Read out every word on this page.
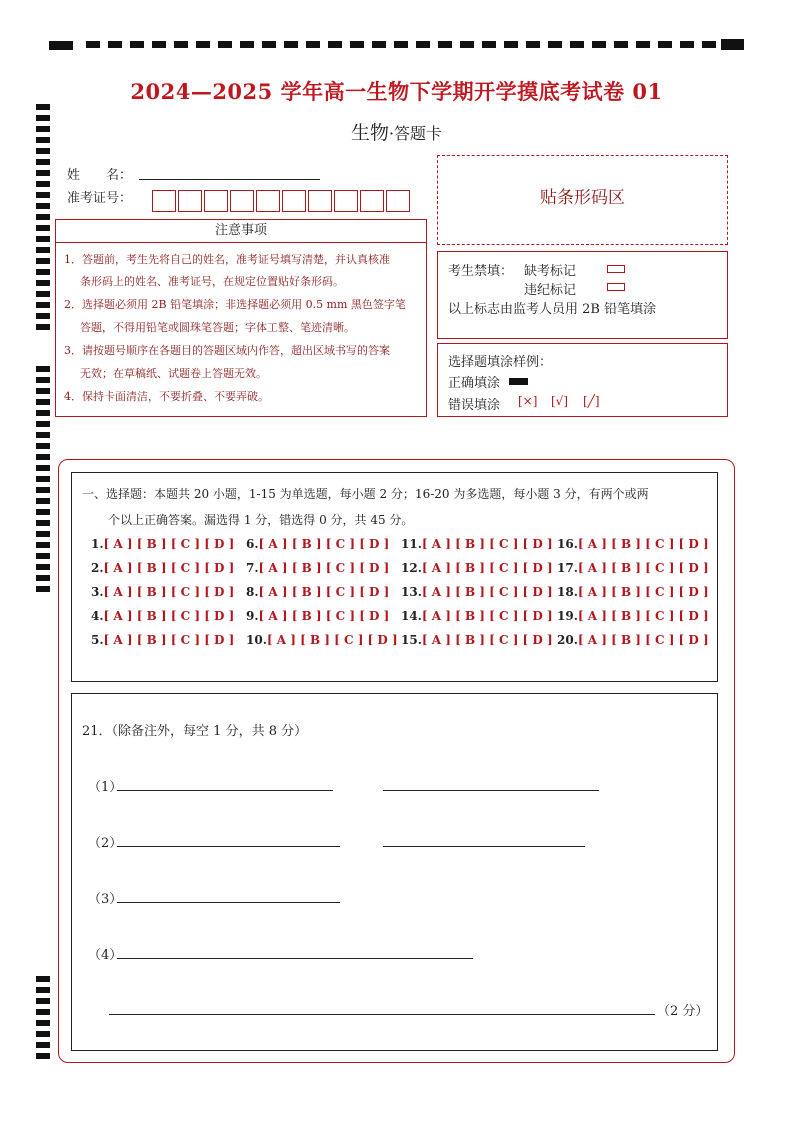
2024—2025 学年高一生物下学期开学摸底考试卷 01
生物·答题卡
姓　　名：
准考证号：
注意事项
1．答题前，考生先将自己的姓名，准考证号填写清楚，并认真核准
条形码上的姓名、准考证号，在规定位置贴好条形码。
2．选择题必须用 2B 铅笔填涂；非选择题必须用 0.5 mm 黑色签字笔
答题，不得用铅笔或圆珠笔答题；字体工整、笔迹清晰。
3．请按题号顺序在各题目的答题区域内作答，超出区域书写的答案
无效；在草稿纸、试题卷上答题无效。
4．保持卡面清洁，不要折叠、不要弄破。
贴条形码区
考生禁填： 缺考标记
违纪标记
以上标志由监考人员用 2B 铅笔填涂
选择题填涂样例：
正确填涂
错误填涂 [×] [√] [╱]
一、选择题：本题共 20 小题，1-15 为单选题，每小题 2 分；16-20 为多选题，每小题 3 分，有两个或两
个以上正确答案。漏选得 1 分，错选得 0 分，共 45 分。
1.[ A ] [ B ] [ C ] [ D ]
2.[ A ] [ B ] [ C ] [ D ]
3.[ A ] [ B ] [ C ] [ D ]
4.[ A ] [ B ] [ C ] [ D ]
5.[ A ] [ B ] [ C ] [ D ]
6.[ A ] [ B ] [ C ] [ D ]
7.[ A ] [ B ] [ C ] [ D ]
8.[ A ] [ B ] [ C ] [ D ]
9.[ A ] [ B ] [ C ] [ D ]
10.[ A ] [ B ] [ C ] [ D ]
11.[ A ] [ B ] [ C ] [ D ]
12.[ A ] [ B ] [ C ] [ D ]
13.[ A ] [ B ] [ C ] [ D ]
14.[ A ] [ B ] [ C ] [ D ]
15.[ A ] [ B ] [ C ] [ D ]
16.[ A ] [ B ] [ C ] [ D ]
17.[ A ] [ B ] [ C ] [ D ]
18.[ A ] [ B ] [ C ] [ D ]
19.[ A ] [ B ] [ C ] [ D ]
20.[ A ] [ B ] [ C ] [ D ]
21．（除备注外，每空 1 分，共 8 分）
（1）
（2）
（3）
（4）
（2 分）
